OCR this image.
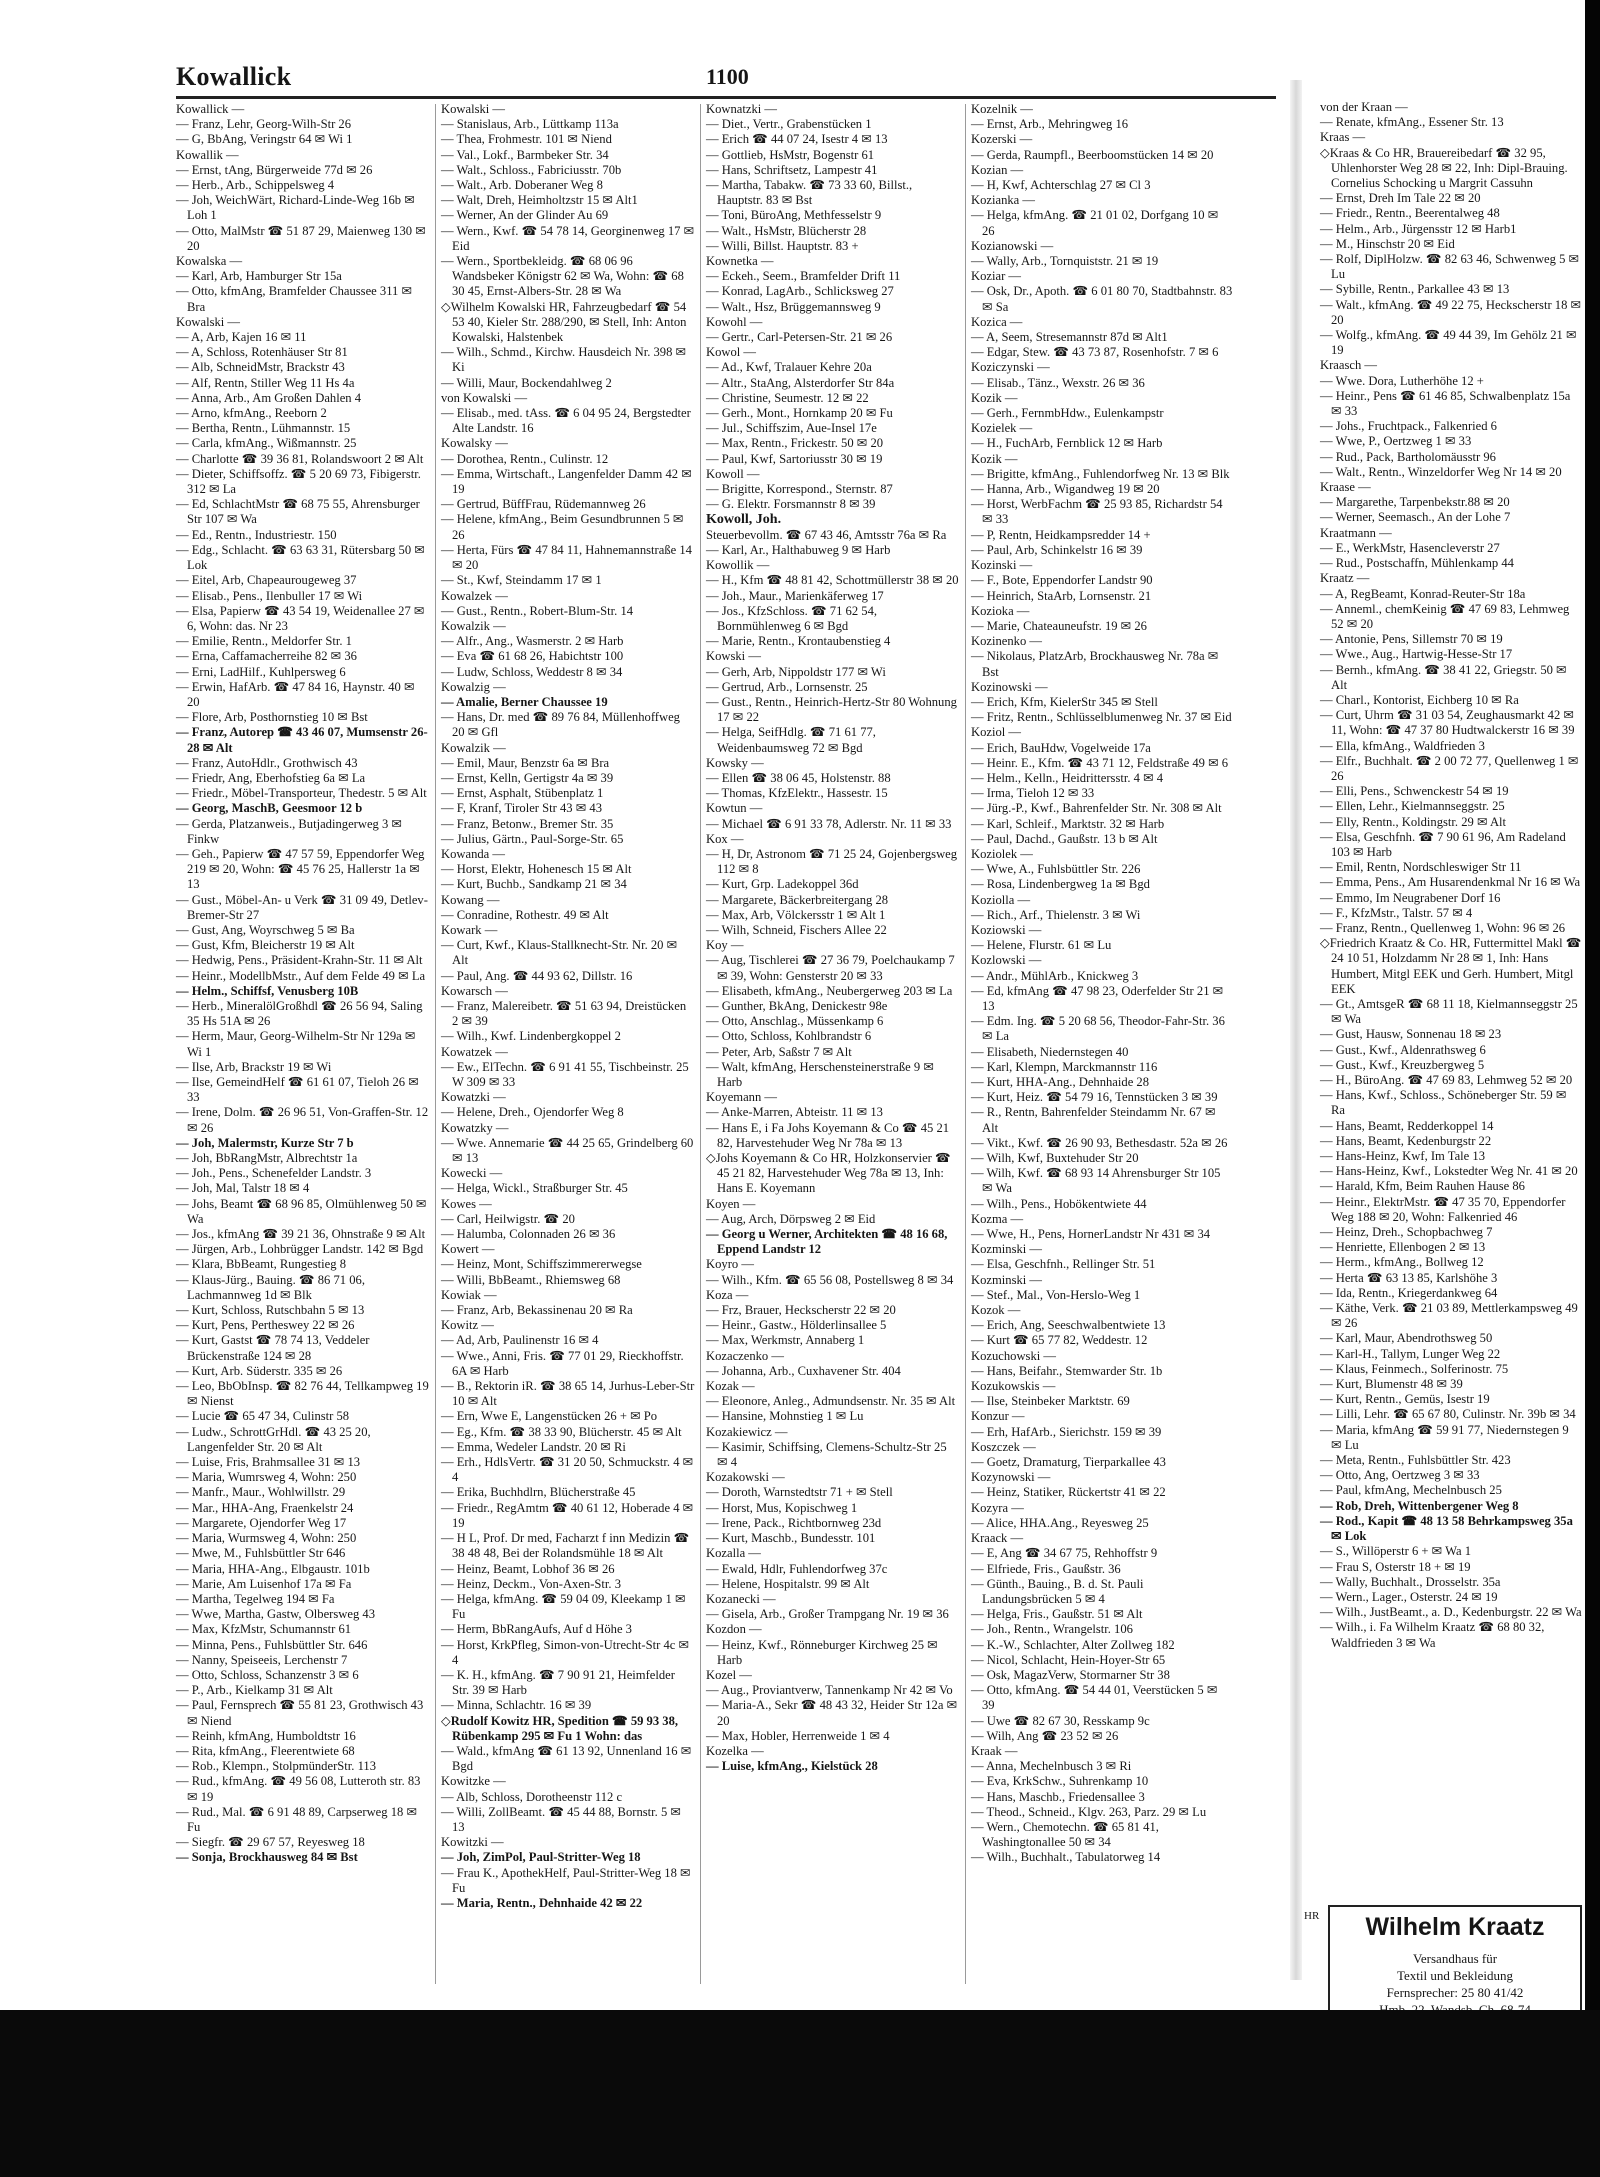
Kowallick	1100

Kowallick —

— Franz, Lehr, Georg-Wilh-Str 26

— G, BbAng, Veringstr 64 ✉ Wi 1

Kowallik —

— Ernst, tAng, Bürgerweide 77d ✉ 26

— Herb., Arb., Schippelsweg 4

— Joh, WeichWärt, Richard-Linde-Weg 16b ✉ Loh 1

— Otto, MalMstr ☎ 51 87 29, Maienweg 130 ✉ 20

Kowalska —

— Karl, Arb, Hamburger Str 15a

— Otto, kfmAng, Bramfelder Chaussee 311 ✉ Bra

Kowalski —

— A, Arb, Kajen 16 ✉ 11

— A, Schloss, Rotenhäuser Str 81

— Alb, SchneidMstr, Brackstr 43

— Alf, Rentn, Stiller Weg 11 Hs 4a

— Anna, Arb., Am Großen Dahlen 4

— Arno, kfmAng., Reeborn 2

— Bertha, Rentn., Lühmannstr. 15

— Carla, kfmAng., Wißmannstr. 25

— Charlotte ☎ 39 36 81, Rolandswoort 2 ✉ Alt

— Dieter, Schiffsoffz. ☎ 5 20 69 73, Fibigerstr. 312 ✉ La

— Ed, SchlachtMstr ☎ 68 75 55, Ahrensburger Str 107 ✉ Wa

— Ed., Rentn., Industriestr. 150

— Edg., Schlacht. ☎ 63 63 31, Rütersbarg 50 ✉ Lok

— Eitel, Arb, Chapeaurougeweg 37

— Elisab., Pens., Ilenbuller 17 ✉ Wi

— Elsa, Papierw ☎ 43 54 19, Weidenallee 27 ✉ 6, Wohn: das. Nr 23

— Emilie, Rentn., Meldorfer Str. 1

— Erna, Caffamacherreihe 82 ✉ 36

— Erni, LadHilf., Kuhlpersweg 6

— Erwin, HafArb. ☎ 47 84 16, Haynstr. 40 ✉ 20

— Flore, Arb, Posthornstieg 10 ✉ Bst

— Franz, Autorep ☎ 43 46 07, Mumsenstr 26-28 ✉ Alt

— Franz, AutoHdlr., Grothwisch 43

— Friedr, Ang, Eberhofstieg 6a ✉ La

— Friedr., Möbel-Transporteur, Thedestr. 5 ✉ Alt

— Georg, MaschB, Geesmoor 12 b

— Gerda, Platzanweis., Butjadingerweg 3 ✉ Finkw

— Geh., Papierw ☎ 47 57 59, Eppendorfer Weg 219 ✉ 20, Wohn: ☎ 45 76 25, Hallerstr 1a ✉ 13

— Gust., Möbel-An- u Verk ☎ 31 09 49, Detlev-Bremer-Str 27

— Gust, Ang, Woyrschweg 5 ✉ Ba

— Gust, Kfm, Bleicherstr 19 ✉ Alt

— Hedwig, Pens., Präsident-Krahn-Str. 11 ✉ Alt

— Heinr., ModellbMstr., Auf dem Felde 49 ✉ La

— Helm., Schiffsf, Venusberg 10B

— Herb., MineralölGroßhdl ☎ 26 56 94, Saling 35 Hs 51A ✉ 26

— Herm, Maur, Georg-Wilhelm-Str Nr 129a ✉ Wi 1

— Ilse, Arb, Brackstr 19 ✉ Wi

— Ilse, GemeindHelf ☎ 61 61 07, Tieloh 26 ✉ 33

— Irene, Dolm. ☎ 26 96 51, Von-Graffen-Str. 12 ✉ 26

— Joh, Malermstr, Kurze Str 7 b

— Joh, BbRangMstr, Albrechtstr 1a

— Joh., Pens., Schenefelder Landstr. 3

— Joh, Mal, Talstr 18 ✉ 4

— Johs, Beamt ☎ 68 96 85, Olmühlenweg 50 ✉ Wa

— Jos., kfmAng ☎ 39 21 36, Ohnstraße 9 ✉ Alt

— Jürgen, Arb., Lohbrügger Landstr. 142 ✉ Bgd

— Klara, BbBeamt, Rungestieg 8

— Klaus-Jürg., Bauing. ☎ 86 71 06, Lachmannweg 1d ✉ Blk

— Kurt, Schloss, Rutschbahn 5 ✉ 13

— Kurt, Pens, Pertheswey 22 ✉ 26

— Kurt, Gastst ☎ 78 74 13, Veddeler Brückenstraße 124 ✉ 28

— Kurt, Arb. Süderstr. 335 ✉ 26

— Leo, BbObInsp. ☎ 82 76 44, Tellkampweg 19 ✉ Nienst

— Lucie ☎ 65 47 34, Culinstr 58

— Ludw., SchrottGrHdl. ☎ 43 25 20, Langenfelder Str. 20 ✉ Alt

— Luise, Fris, Brahmsallee 31 ✉ 13

— Maria, Wumrsweg 4, Wohn: 250

— Manfr., Maur., Wohlwillstr. 29

— Mar., HHA-Ang, Fraenkelstr 24

— Margarete, Ojendorfer Weg 17

— Maria, Wurmsweg 4, Wohn: 250

— Mwe, M., Fuhlsbüttler Str 646

— Maria, HHA-Ang., Elbgaustr. 101b

— Marie, Am Luisenhof 17a ✉ Fa

— Martha, Tegelweg 194 ✉ Fa

— Wwe, Martha, Gastw, Olbersweg 43

— Max, KfzMstr, Schumannstr 61

— Minna, Pens., Fuhlsbüttler Str. 646

— Nanny, Speiseeis, Lerchenstr 7

— Otto, Schloss, Schanzenstr 3 ✉ 6

— P., Arb., Kielkamp 31 ✉ Alt

— Paul, Fernsprech ☎ 55 81 23, Grothwisch 43 ✉ Niend

— Reinh, kfmAng, Humboldtstr 16

— Rita, kfmAng., Fleerentwiete 68

— Rob., Klempn., StolpmünderStr. 113

— Rud., kfmAng. ☎ 49 56 08, Lutteroth str. 83 ✉ 19

— Rud., Mal. ☎ 6 91 48 89, Carpserweg 18 ✉ Fu

— Siegfr. ☎ 29 67 57, Reyesweg 18

— Sonja, Brockhausweg 84 ✉ Bst

Kowalski —

— Stanislaus, Arb., Lüttkamp 113a

— Thea, Frohmestr. 101 ✉ Niend

— Val., Lokf., Barmbeker Str. 34

— Walt., Schloss., Fabriciusstr. 70b

— Walt., Arb. Doberaner Weg 8

— Walt, Dreh, Heimholtzstr 15 ✉ Alt1

— Werner, An der Glinder Au 69

— Wern., Kwf. ☎ 54 78 14, Georginenweg 17 ✉ Eid

— Wern., Sportbekleidg. ☎ 68 06 96 Wandsbeker Königstr 62 ✉ Wa, Wohn: ☎ 68 30 45, Ernst-Albers-Str. 28 ✉ Wa

◇ Wilhelm Kowalski HR, Fahrzeugbedarf ☎ 54 53 40, Kieler Str. 288/290, ✉ Stell, Inh: Anton Kowalski, Halstenbek

— Wilh., Schmd., Kirchw. Hausdeich Nr. 398 ✉ Ki

— Willi, Maur, Bockendahlweg 2

von Kowalski —

— Elisab., med. tAss. ☎ 6 04 95 24, Bergstedter Alte Landstr. 16

Kowalsky —

— Dorothea, Rentn., Culinstr. 12

— Emma, Wirtschaft., Langenfelder Damm 42 ✉ 19

— Gertrud, BüffFrau, Rüdemannweg 26

— Helene, kfmAng., Beim Gesundbrunnen 5 ✉ 26

— Herta, Fürs ☎ 47 84 11, Hahnemannstraße 14 ✉ 20

— St., Kwf, Steindamm 17 ✉ 1

Kowalzek —

— Gust., Rentn., Robert-Blum-Str. 14

Kowalzik —

— Alfr., Ang., Wasmerstr. 2 ✉ Harb

— Eva ☎ 61 68 26, Habichtstr 100

— Ludw, Schloss, Weddestr 8 ✉ 34

Kowalzig —

— Amalie, Berner Chaussee 19

— Hans, Dr. med ☎ 89 76 84, Müllenhoffweg 20 ✉ Gfl

Kowalzik —

— Emil, Maur, Benzstr 6a ✉ Bra

— Ernst, Kelln, Gertigstr 4a ✉ 39

— Ernst, Asphalt, Stübenplatz 1

— F, Kranf, Tiroler Str 43 ✉ 43

— Franz, Betonw., Bremer Str. 35

— Julius, Gärtn., Paul-Sorge-Str. 65

Kowanda —

— Horst, Elektr, Hohenesch 15 ✉ Alt

— Kurt, Buchb., Sandkamp 21 ✉ 34

Kowang —

— Conradine, Rothestr. 49 ✉ Alt

Kowark —

— Curt, Kwf., Klaus-Stallknecht-Str. Nr. 20 ✉ Alt

— Paul, Ang. ☎ 44 93 62, Dillstr. 16

Kowarsch —

— Franz, Malereibetr. ☎ 51 63 94, Dreistücken 2 ✉ 39

— Wilh., Kwf. Lindenbergkoppel 2

Kowatzek —

— Ew., ElTechn. ☎ 6 91 41 55, Tischbeinstr. 25 W 309 ✉ 33

Kowatzki —

— Helene, Dreh., Ojendorfer Weg 8

Kowatzky —

— Wwe. Annemarie ☎ 44 25 65, Grindelberg 60 ✉ 13

Kowecki —

— Helga, Wickl., Straßburger Str. 45

Kowes —

— Carl, Heilwigstr. ☎ 20

— Halumba, Colonnaden 26 ✉ 36

Kowert —

— Heinz, Mont, Schiffszimmererwegse

— Willi, BbBeamt., Rhiemsweg 68

Kowiak —

— Franz, Arb, Bekassinenau 20 ✉ Ra

Kowitz —

— Ad, Arb, Paulinenstr 16 ✉ 4

— Wwe., Anni, Fris. ☎ 77 01 29, Rieckhoffstr. 6A ✉ Harb

— B., Rektorin iR. ☎ 38 65 14, Jurhus-Leber-Str 10 ✉ Alt

— Ern, Wwe E, Langenstücken 26 + ✉ Po

— Eg., Kfm. ☎ 38 33 90, Blücherstr. 45 ✉ Alt

— Emma, Wedeler Landstr. 20 ✉ Ri

— Erh., HdlsVertr. ☎ 31 20 50, Schmuckstr. 4 ✉ 4

— Erika, Buchhdlrn, Blücherstraße 45

— Friedr., RegAmtm ☎ 40 61 12, Hoberade 4 ✉ 19

— H L, Prof. Dr med, Facharzt f inn Medizin ☎ 38 48 48, Bei der Rolandsmühle 18 ✉ Alt

— Heinz, Beamt, Lobhof 36 ✉ 26

— Heinz, Deckm., Von-Axen-Str. 3

— Helga, kfmAng. ☎ 59 04 09, Kleekamp 1 ✉ Fu

— Herm, BbRangAufs, Auf d Höhe 3

— Horst, KrkPfleg, Simon-von-Utrecht-Str 4c ✉ 4

— K. H., kfmAng. ☎ 7 90 91 21, Heimfelder Str. 39 ✉ Harb

— Minna, Schlachtr. 16 ✉ 39

◇ Rudolf Kowitz HR, Spedition ☎ 59 93 38, Rübenkamp 295 ✉ Fu 1 Wohn: das

— Wald., kfmAng ☎ 61 13 92, Unnenland 16 ✉ Bgd

Kowitzke —

— Alb, Schloss, Dorotheenstr 112 c

— Willi, ZollBeamt. ☎ 45 44 88, Bornstr. 5 ✉ 13

Kowitzki —

— Joh, ZimPol, Paul-Stritter-Weg 18

— Frau K., ApothekHelf, Paul-Stritter-Weg 18 ✉ Fu

— Maria, Rentn., Dehnhaide 42 ✉ 22

Kownatzki —

— Diet., Vertr., Grabenstücken 1

— Erich ☎ 44 07 24, Isestr 4 ✉ 13

— Gottlieb, HsMstr, Bogenstr 61

— Hans, Schriftsetz, Lampestr 41

— Martha, Tabakw. ☎ 73 33 60, Billst., Hauptstr. 83 ✉ Bst

— Toni, BüroAng, Methfesselstr 9

— Walt., HsMstr, Blücherstr 28

— Willi, Billst. Hauptstr. 83 +

Kownetka —

— Eckeh., Seem., Bramfelder Drift 11

— Konrad, LagArb., Schlicksweg 27

— Walt., Hsz, Brüggemannsweg 9

Kowohl —

— Gertr., Carl-Petersen-Str. 21 ✉ 26

Kowol —

— Ad., Kwf, Tralauer Kehre 20a

— Altr., StaAng, Alsterdorfer Str 84a

— Christine, Seumestr. 12 ✉ 22

— Gerh., Mont., Hornkamp 20 ✉ Fu

— Jul., Schiffszim, Aue-Insel 17e

— Max, Rentn., Frickestr. 50 ✉ 20

— Paul, Kwf, Sartoriusstr 30 ✉ 19

Kowoll —

— Brigitte, Korrespond., Sternstr. 87

— G. Elektr. Forsmannstr 8 ✉ 39

Kowoll, Joh.

Steuerbevollm. ☎ 67 43 46, Amtsstr 76a ✉ Ra

— Karl, Ar., Halthabuweg 9 ✉ Harb

Kowollik —

— H., Kfm ☎ 48 81 42, Schottmüllerstr 38 ✉ 20

— Joh., Maur., Marienkäferweg 17

— Jos., KfzSchloss. ☎ 71 62 54, Bornmühlenweg 6 ✉ Bgd

— Marie, Rentn., Krontaubenstieg 4

Kowski —

— Gerh, Arb, Nippoldstr 177 ✉ Wi

— Gertrud, Arb., Lornsenstr. 25

— Gust., Rentn., Heinrich-Hertz-Str 80 Wohnung 17 ✉ 22

— Helga, SeifHdlg. ☎ 71 61 77, Weidenbaumsweg 72 ✉ Bgd

Kowsky —

— Ellen ☎ 38 06 45, Holstenstr. 88

— Thomas, KfzElektr., Hassestr. 15

Kowtun —

— Michael ☎ 6 91 33 78, Adlerstr. Nr. 11 ✉ 33

Kox —

— H, Dr, Astronom ☎ 71 25 24, Gojenbergsweg 112 ✉ 8

— Kurt, Grp. Ladekoppel 36d

— Margarete, Bäckerbreitergang 28

— Max, Arb, Völckersstr 1 ✉ Alt 1

— Wilh, Schneid, Fischers Allee 22

Koy —

— Aug, Tischlerei ☎ 27 36 79, Poelchaukamp 7 ✉ 39, Wohn: Gensterstr 20 ✉ 33

— Elisabeth, kfmAng., Neubergerweg 203 ✉ La

— Gunther, BkAng, Denickestr 98e

— Otto, Anschlag., Müssenkamp 6

— Otto, Schloss, Kohlbrandstr 6

— Peter, Arb, Saßstr 7 ✉ Alt

— Walt, kfmAng, Herschensteinerstraße 9 ✉ Harb

Koyemann —

— Anke-Marren, Abteistr. 11 ✉ 13

— Hans E, i Fa Johs Koyemann & Co ☎ 45 21 82, Harvestehuder Weg Nr 78a ✉ 13

◇ Johs Koyemann & Co HR, Holzkonservier ☎ 45 21 82, Harvestehuder Weg 78a ✉ 13, Inh: Hans E. Koyemann

Koyen —

— Aug, Arch, Dörpsweg 2 ✉ Eid

— Georg u Werner, Architekten ☎ 48 16 68, Eppend Landstr 12

Koyro —

— Wilh., Kfm. ☎ 65 56 08, Postellsweg 8 ✉ 34

Koza —

— Frz, Brauer, Heckscherstr 22 ✉ 20

— Heinr., Gastw., Hölderlinsallee 5

— Max, Werkmstr, Annaberg 1

Kozaczenko —

— Johanna, Arb., Cuxhavener Str. 404

Kozak —

— Eleonore, Anleg., Admundsenstr. Nr. 35 ✉ Alt

— Hansine, Mohnstieg 1 ✉ Lu

Kozakiewicz —

— Kasimir, Schiffsing, Clemens-Schultz-Str 25 ✉ 4

Kozakowski —

— Doroth, Warnstedtstr 71 + ✉ Stell

— Horst, Mus, Kopischweg 1

— Irene, Pack., Richtbornweg 23d

— Kurt, Maschb., Bundesstr. 101

Kozalla —

— Ewald, Hdlr, Fuhlendorfweg 37c

— Helene, Hospitalstr. 99 ✉ Alt

Kozanecki —

— Gisela, Arb., Großer Trampgang Nr. 19 ✉ 36

Kozdon —

— Heinz, Kwf., Rönneburger Kirchweg 25 ✉ Harb

Kozel —

— Aug., Proviantverw, Tannenkamp Nr 42 ✉ Vo

— Maria-A., Sekr ☎ 48 43 32, Heider Str 12a ✉ 20

— Max, Hobler, Herrenweide 1 ✉ 4

Kozelka —

— Luise, kfmAng., Kielstück 28

Kozelnik —

— Ernst, Arb., Mehringweg 16

Kozerski —

— Gerda, Raumpfl., Beerboomstücken 14 ✉ 20

Kozian —

— H, Kwf, Achterschlag 27 ✉ Cl 3

Kozianka —

— Helga, kfmAng. ☎ 21 01 02, Dorfgang 10 ✉ 26

Kozianowski —

— Wally, Arb., Tornquiststr. 21 ✉ 19

Koziar —

— Osk, Dr., Apoth. ☎ 6 01 80 70, Stadtbahnstr. 83 ✉ Sa

Kozica —

— A, Seem, Stresemannstr 87d ✉ Alt1

— Edgar, Stew. ☎ 43 73 87, Rosenhofstr. 7 ✉ 6

Koziczynski —

— Elisab., Tänz., Wexstr. 26 ✉ 36

Kozik —

— Gerh., FernmbHdw., Eulenkampstr

Kozielek —

— H., FuchArb, Fernblick 12 ✉ Harb

Kozik —

— Brigitte, kfmAng., Fuhlendorfweg Nr. 13 ✉ Blk

— Hanna, Arb., Wigandweg 19 ✉ 20

— Horst, WerbFachm ☎ 25 93 85, Richardstr 54 ✉ 33

— P, Rentn, Heidkampsredder 14 +

— Paul, Arb, Schinkelstr 16 ✉ 39

Kozinski —

— F., Bote, Eppendorfer Landstr 90

— Heinrich, StaArb, Lornsenstr. 21

Kozioka —

— Marie, Chateauneufstr. 19 ✉ 26

Kozinenko —

— Nikolaus, PlatzArb, Brockhausweg Nr. 78a ✉ Bst

Kozinowski —

— Erich, Kfm, KielerStr 345 ✉ Stell

— Fritz, Rentn., Schlüsselblumenweg Nr. 37 ✉ Eid

Koziol —

— Erich, BauHdw, Vogelweide 17a

— Heinr. E., Kfm. ☎ 43 71 12, Feldstraße 49 ✉ 6

— Helm., Kelln., Heidrittersstr. 4 ✉ 4

— Irma, Tieloh 12 ✉ 33

— Jürg.-P., Kwf., Bahrenfelder Str. Nr. 308 ✉ Alt

— Karl, Schleif., Marktstr. 32 ✉ Harb

— Paul, Dachd., Gaußstr. 13 b ✉ Alt

Koziolek —

— Wwe, A., Fuhlsbüttler Str. 226

— Rosa, Lindenbergweg 1a ✉ Bgd

Koziolla —

— Rich., Arf., Thielenstr. 3 ✉ Wi

Koziowski —

— Helene, Flurstr. 61 ✉ Lu

Kozlowski —

— Andr., MühlArb., Knickweg 3

— Ed, kfmAng ☎ 47 98 23, Oderfelder Str 21 ✉ 13

— Edm. Ing. ☎ 5 20 68 56, Theodor-Fahr-Str. 36 ✉ La

— Elisabeth, Niedernstegen 40

— Karl, Klempn, Marckmannstr 116

— Kurt, HHA-Ang., Dehnhaide 28

— Kurt, Heiz. ☎ 54 79 16, Tennstücken 3 ✉ 39

— R., Rentn, Bahrenfelder Steindamm Nr. 67 ✉ Alt

— Vikt., Kwf. ☎ 26 90 93, Bethesdastr. 52a ✉ 26

— Wilh, Kwf, Buxtehuder Str 20

— Wilh, Kwf. ☎ 68 93 14 Ahrensburger Str 105 ✉ Wa

— Wilh., Pens., Hobökentwiete 44

Kozma —

— Wwe, H., Pens, HornerLandstr Nr 431 ✉ 34

Kozminski —

— Elsa, Geschfnh., Rellinger Str. 51

Kozminski —

— Stef., Mal., Von-Herslo-Weg 1

Kozok —

— Erich, Ang, Seeschwalbentwiete 13

— Kurt ☎ 65 77 82, Weddestr. 12

Kozuchowski —

— Hans, Beifahr., Stemwarder Str. 1b

Kozukowskis —

— Ilse, Steinbeker Marktstr. 69

Konzur —

— Erh, HafArb., Sierichstr. 159 ✉ 39

Koszczek —

— Goetz, Dramaturg, Tierparkallee 43

Kozynowski —

— Heinz, Statiker, Rückertstr 41 ✉ 22

Kozyra —

— Alice, HHA.Ang., Reyesweg 25

Kraack —

— E, Ang ☎ 34 67 75, Rehhoffstr 9

— Elfriede, Fris., Gaußstr. 36

— Günth., Bauing., B. d. St. Pauli Landungsbrücken 5 ✉ 4

— Helga, Fris., Gaußstr. 51 ✉ Alt

— Joh., Rentn., Wrangelstr. 106

— K.-W., Schlachter, Alter Zollweg 182

— Nicol, Schlacht, Hein-Hoyer-Str 65

— Osk, MagazVerw, Stormarner Str 38

— Otto, kfmAng. ☎ 54 44 01, Veerstücken 5 ✉ 39

— Uwe ☎ 82 67 30, Resskamp 9c

— Wilh, Ang ☎ 23 52 ✉ 26

Kraak —

— Anna, Mechelnbusch 3 ✉ Ri

— Eva, KrkSchw., Suhrenkamp 10

— Hans, Maschb., Friedensallee 3

— Theod., Schneid., Klgv. 263, Parz. 29 ✉ Lu

— Wern., Chemotechn. ☎ 65 81 41, Washingtonallee 50 ✉ 34

— Wilh., Buchhalt., Tabulatorweg 14

von der Kraan —

— Renate, kfmAng., Essener Str. 13

Kraas —

◇ Kraas & Co HR, Brauereibedarf ☎ 32 95, Uhlenhorster Weg 28 ✉ 22, Inh: Dipl-Brauing. Cornelius Schocking u Margrit Cassuhn

— Ernst, Dreh Im Tale 22 ✉ 20

— Friedr., Rentn., Beerentalweg 48

— Helm., Arb., Jürgensstr 12 ✉ Harb1

— M., Hinschstr 20 ✉ Eid

— Rolf, DiplHolzw. ☎ 82 63 46, Schwenweg 5 ✉ Lu

— Sybille, Rentn., Parkallee 43 ✉ 13

— Walt., kfmAng. ☎ 49 22 75, Heckscherstr 18 ✉ 20

— Wolfg., kfmAng. ☎ 49 44 39, Im Gehölz 21 ✉ 19

Kraasch —

— Wwe. Dora, Lutherhöhe 12 +

— Heinr., Pens ☎ 61 46 85, Schwalbenplatz 15a ✉ 33

— Johs., Fruchtpack., Falkenried 6

— Wwe, P., Oertzweg 1 ✉ 33

— Rud., Pack, Bartholomäusstr 96

— Walt., Rentn., Winzeldorfer Weg Nr 14 ✉ 20

Kraase —

— Margarethe, Tarpenbekstr.88 ✉ 20

— Werner, Seemasch., An der Lohe 7

Kraatmann —

— E., WerkMstr, Hasencleverstr 27

— Rud., Postschaffn, Mühlenkamp 44

Kraatz —

— A, RegBeamt, Konrad-Reuter-Str 18a

— Anneml., chemKeinig ☎ 47 69 83, Lehmweg 52 ✉ 20

— Antonie, Pens, Sillemstr 70 ✉ 19

— Wwe., Aug., Hartwig-Hesse-Str 17

— Bernh., kfmAng. ☎ 38 41 22, Griegstr. 50 ✉ Alt

— Charl., Kontorist, Eichberg 10 ✉ Ra

— Curt, Uhrm ☎ 31 03 54, Zeughausmarkt 42 ✉ 11, Wohn: ☎ 47 37 80 Hudtwalckerstr 16 ✉ 39

— Ella, kfmAng., Waldfrieden 3

— Elfr., Buchhalt. ☎ 2 00 72 77, Quellenweg 1 ✉ 26

— Elli, Pens., Schwenckestr 54 ✉ 19

— Ellen, Lehr., Kielmannseggstr. 25

— Elly, Rentn., Koldingstr. 29 ✉ Alt

— Elsa, Geschfnh. ☎ 7 90 61 96, Am Radeland 103 ✉ Harb

— Emil, Rentn, Nordschleswiger Str 11

— Emma, Pens., Am Husarendenkmal Nr 16 ✉ Wa

— Emmo, Im Neugrabener Dorf 16

— F., KfzMstr., Talstr. 57 ✉ 4

— Franz, Rentn., Quellenweg 1, Wohn: 96 ✉ 26

◇ Friedrich Kraatz & Co. HR, Futtermittel Makl ☎ 24 10 51, Holzdamm Nr 28 ✉ 1, Inh: Hans Humbert, Mitgl EEK und Gerh. Humbert, Mitgl EEK

— Gt., AmtsgeR ☎ 68 11 18, Kielmannseggstr 25 ✉ Wa

— Gust, Hausw, Sonnenau 18 ✉ 23

— Gust., Kwf., Aldenrathsweg 6

— Gust., Kwf., Kreuzbergweg 5

— H., BüroAng. ☎ 47 69 83, Lehmweg 52 ✉ 20

— Hans, Kwf., Schloss., Schöneberger Str. 59 ✉ Ra

— Hans, Beamt, Redderkoppel 14

— Hans, Beamt, Kedenburgstr 22

— Hans-Heinz, Kwf, Im Tale 13

— Hans-Heinz, Kwf., Lokstedter Weg Nr. 41 ✉ 20

— Harald, Kfm, Beim Rauhen Hause 86

— Heinr., ElektrMstr. ☎ 47 35 70, Eppendorfer Weg 188 ✉ 20, Wohn: Falkenried 46

— Heinz, Dreh., Schopbachweg 7

— Henriette, Ellenbogen 2 ✉ 13

— Herm., kfmAng., Bollweg 12

— Herta ☎ 63 13 85, Karlshöhe 3

— Ida, Rentn., Kriegerdankweg 64

— Käthe, Verk. ☎ 21 03 89, Mettlerkampsweg 49 ✉ 26

— Karl, Maur, Abendrothsweg 50

— Karl-H., Tallym, Lunger Weg 22

— Klaus, Feinmech., Solferinostr. 75

— Kurt, Blumenstr 48 ✉ 39

— Kurt, Rentn., Gemüs, Isestr 19

— Lilli, Lehr. ☎ 65 67 80, Culinstr. Nr. 39b ✉ 34

— Maria, kfmAng ☎ 59 91 77, Niedernstegen 9 ✉ Lu

— Meta, Rentn., Fuhlsbüttler Str. 423

— Otto, Ang, Oertzweg 3 ✉ 33

— Paul, kfmAng, Mechelnbusch 25

— Rob, Dreh, Wittenbergener Weg 8

— Rod., Kapit ☎ 48 13 58 Behrkampsweg 35a ✉ Lok

— S., Willöperstr 6 + ✉ Wa 1

— Frau S, Osterstr 18 + ✉ 19

— Wally, Buchhalt., Drosselstr. 35a

— Wern., Lager., Osterstr. 24 ✉ 19

— Wilh., JustBeamt., a. D., Kedenburgstr. 22 ✉ Wa

— Wilh., i. Fa Wilhelm Kraatz ☎ 68 80 32, Waldfrieden 3 ✉ Wa

HR	Wilhelm Kraatz
Versandhaus für
Textil und Bekleidung
Fernsprecher: 25 80 41/42
